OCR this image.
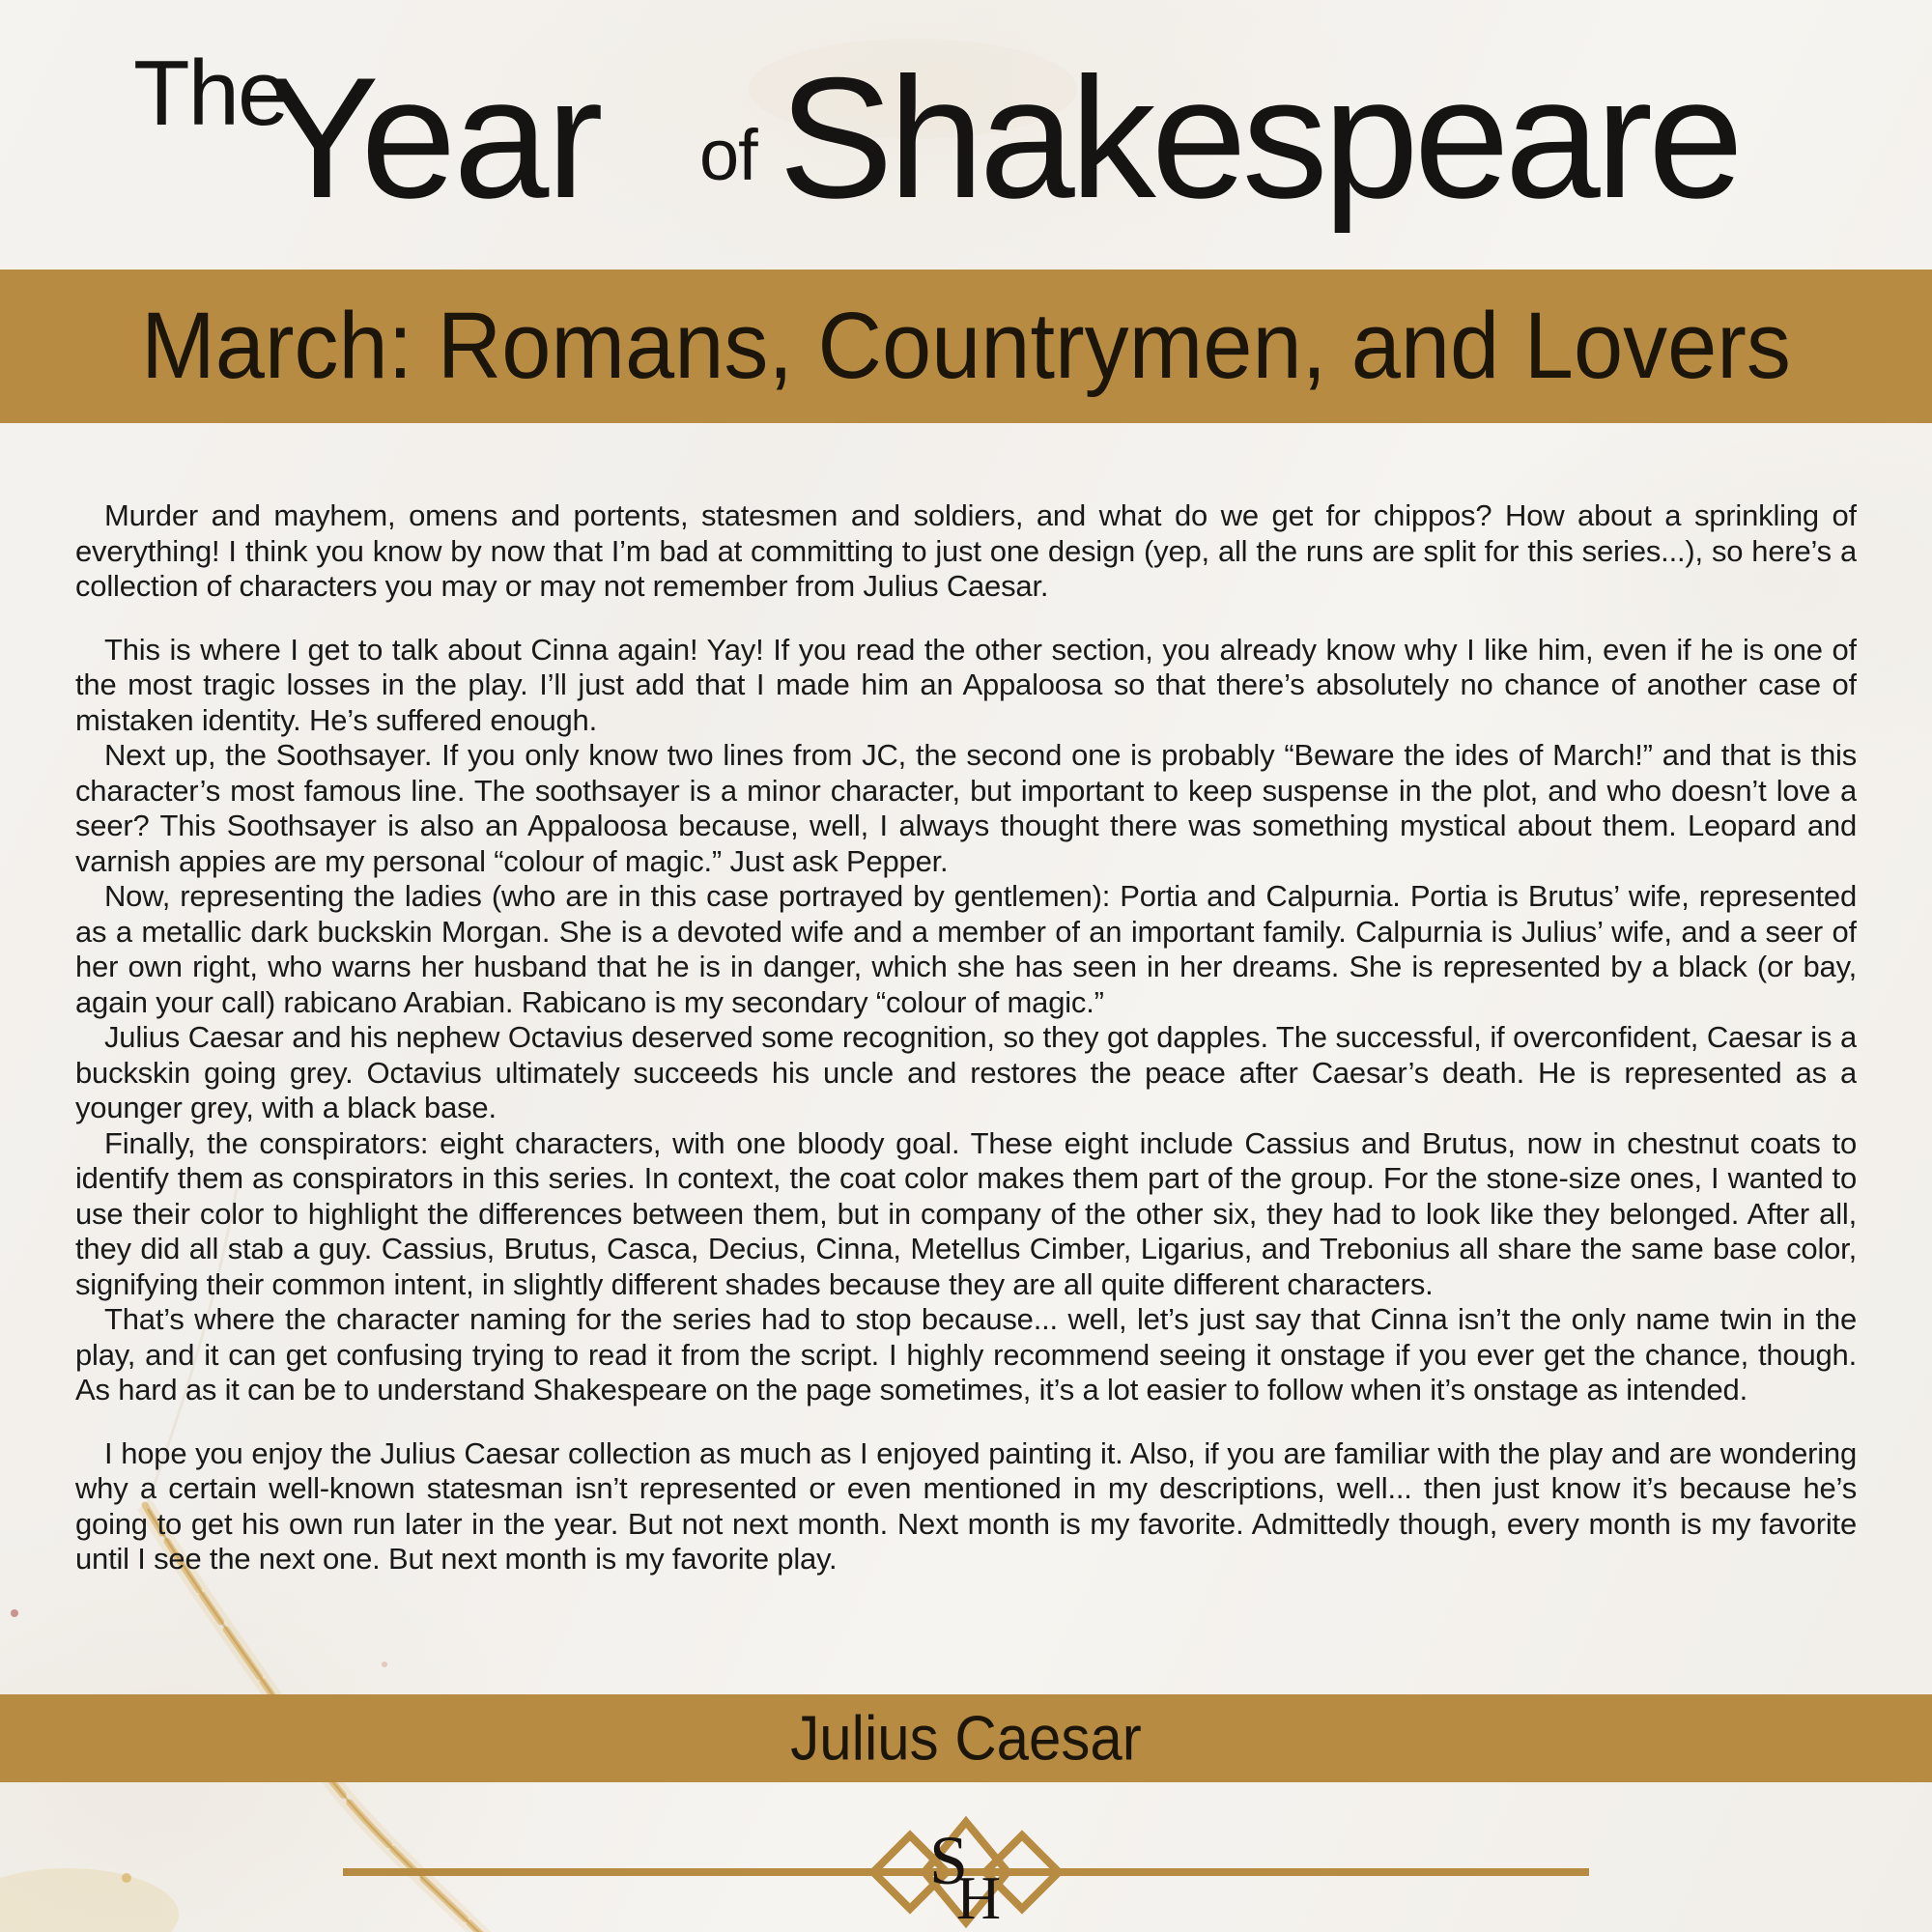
The
Year of Shakespeare
March: Romans, Countrymen, and Lovers

Murder and mayhem, omens and portents, statesmen and soldiers, and what do we get for chippos? How about a sprinkling of everything! I think you know by now that I’m bad at committing to just one design (yep, all the runs are split for this series...), so here’s a collection of characters you may or may not remember from Julius Caesar.

This is where I get to talk about Cinna again! Yay! If you read the other section, you already know why I like him, even if he is one of the most tragic losses in the play. I’ll just add that I made him an Appaloosa so that there’s absolutely no chance of another case of mistaken identity. He’s suffered enough.

Next up, the Soothsayer. If you only know two lines from JC, the second one is probably “Beware the ides of March!” and that is this character’s most famous line. The soothsayer is a minor character, but important to keep suspense in the plot, and who doesn’t love a seer? This Soothsayer is also an Appaloosa because, well, I always thought there was something mystical about them. Leopard and varnish appies are my personal “colour of magic.” Just ask Pepper.

Now, representing the ladies (who are in this case portrayed by gentlemen): Portia and Calpurnia. Portia is Brutus’ wife, represented as a metallic dark buckskin Morgan. She is a devoted wife and a member of an important family. Calpurnia is Julius’ wife, and a seer of her own right, who warns her husband that he is in danger, which she has seen in her dreams. She is represented by a black (or bay, again your call) rabicano Arabian. Rabicano is my secondary “colour of magic.”

Julius Caesar and his nephew Octavius deserved some recognition, so they got dapples. The successful, if overconfident, Caesar is a buckskin going grey. Octavius ultimately succeeds his uncle and restores the peace after Caesar’s death. He is represented as a younger grey, with a black base.

Finally, the conspirators: eight characters, with one bloody goal. These eight include Cassius and Brutus, now in chestnut coats to identify them as conspirators in this series. In context, the coat color makes them part of the group. For the stone-size ones, I wanted to use their color to highlight the differences between them, but in company of the other six, they had to look like they belonged. After all, they did all stab a guy. Cassius, Brutus, Casca, Decius, Cinna, Metellus Cimber, Ligarius, and Trebonius all share the same base color, signifying their common intent, in slightly different shades because they are all quite different characters.

That’s where the character naming for the series had to stop because... well, let’s just say that Cinna isn’t the only name twin in the play, and it can get confusing trying to read it from the script. I highly recommend seeing it onstage if you ever get the chance, though. As hard as it can be to understand Shakespeare on the page sometimes, it’s a lot easier to follow when it’s onstage as intended.

I hope you enjoy the Julius Caesar collection as much as I enjoyed painting it. Also, if you are familiar with the play and are wondering why a certain well-known statesman isn’t represented or even mentioned in my descriptions, well... then just know it’s because he’s going to get his own run later in the year. But not next month. Next month is my favorite. Admittedly though, every month is my favorite until I see the next one. But next month is my favorite play.

Julius Caesar
S
H
